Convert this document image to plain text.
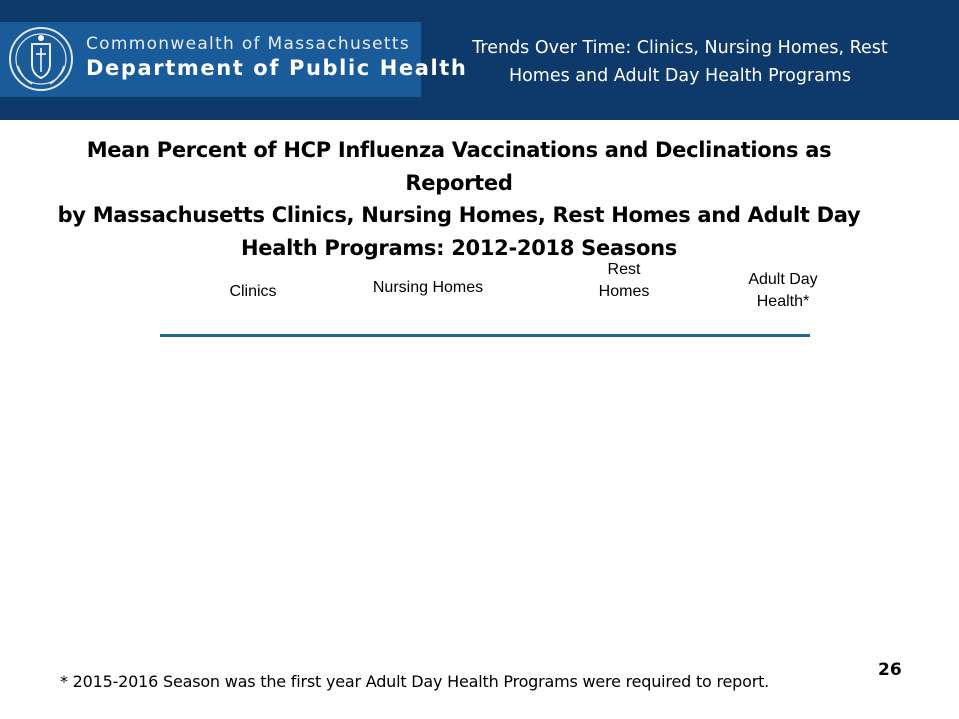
Commonwealth of Massachusetts
Department of Public Health
Trends Over Time: Clinics, Nursing Homes, Rest
Homes and Adult Day Health Programs
Mean Percent of HCP Influenza Vaccinations and Declinations as Reported
by Massachusetts Clinics, Nursing Homes, Rest Homes and Adult Day
Health Programs: 2012-2018 Seasons
Clinics	Nursing Homes
Rest
Homes
Adult Day
Health*
* 2015-2016 Season was the first year Adult Day Health Programs were required to report.
26
